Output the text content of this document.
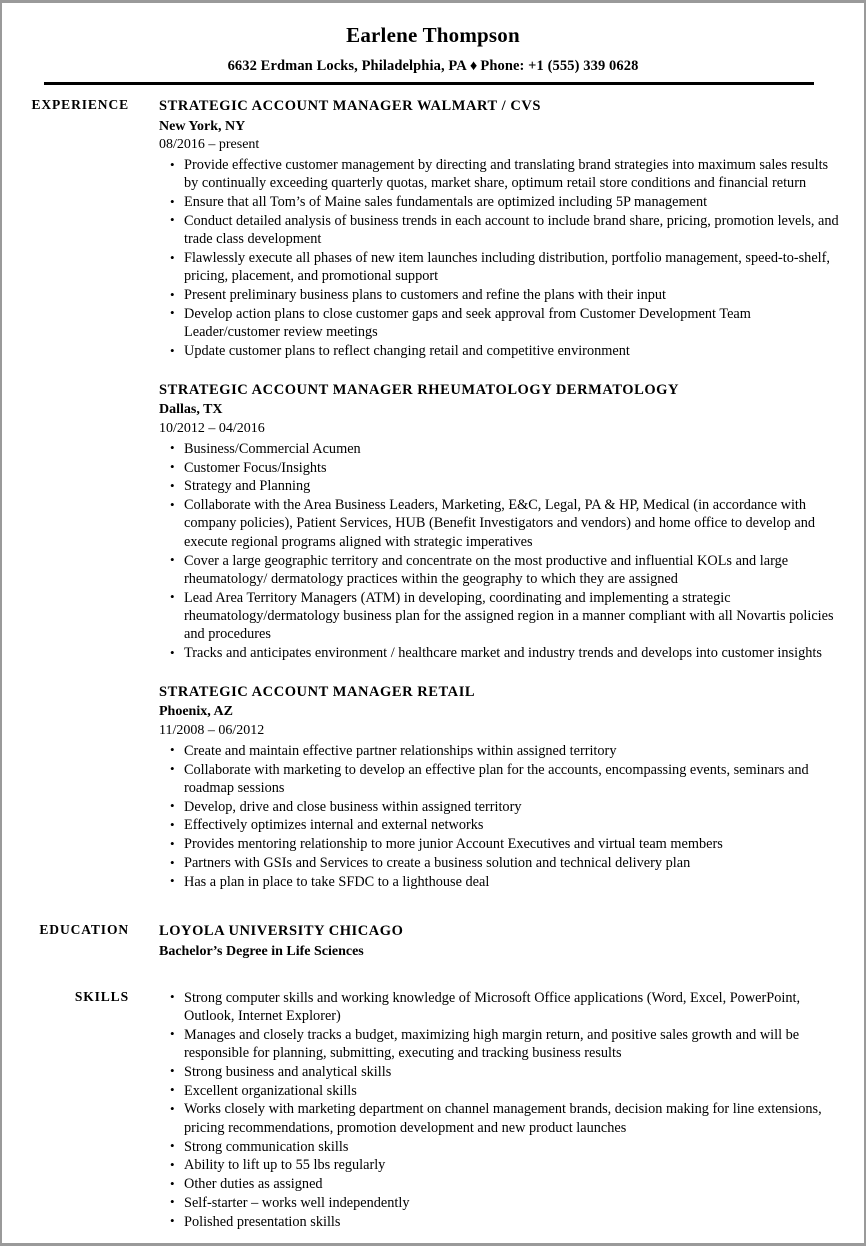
Earlene Thompson
6632 Erdman Locks, Philadelphia, PA ♦ Phone: +1 (555) 339 0628
EXPERIENCE STRATEGIC ACCOUNT MANAGER WALMART / CVS
New York, NY
08/2016 – present
• Provide effective customer management by directing and translating brand strategies into maximum sales results by continually exceeding quarterly quotas, market share, optimum retail store conditions and financial return
• Ensure that all Tom’s of Maine sales fundamentals are optimized including 5P management
• Conduct detailed analysis of business trends in each account to include brand share, pricing, promotion levels, and trade class development
• Flawlessly execute all phases of new item launches including distribution, portfolio management, speed-to-shelf, pricing, placement, and promotional support
• Present preliminary business plans to customers and refine the plans with their input
• Develop action plans to close customer gaps and seek approval from Customer Development Team Leader/customer review meetings
• Update customer plans to reflect changing retail and competitive environment
STRATEGIC ACCOUNT MANAGER RHEUMATOLOGY DERMATOLOGY
Dallas, TX
10/2012 – 04/2016
• Business/Commercial Acumen
• Customer Focus/Insights
• Strategy and Planning
• Collaborate with the Area Business Leaders, Marketing, E&C, Legal, PA & HP, Medical (in accordance with company policies), Patient Services, HUB (Benefit Investigators and vendors) and home office to develop and execute regional programs aligned with strategic imperatives
• Cover a large geographic territory and concentrate on the most productive and influential KOLs and large rheumatology/ dermatology practices within the geography to which they are assigned
• Lead Area Territory Managers (ATM) in developing, coordinating and implementing a strategic rheumatology/dermatology business plan for the assigned region in a manner compliant with all Novartis policies and procedures
• Tracks and anticipates environment / healthcare market and industry trends and develops into customer insights
STRATEGIC ACCOUNT MANAGER RETAIL
Phoenix, AZ
11/2008 – 06/2012
• Create and maintain effective partner relationships within assigned territory
• Collaborate with marketing to develop an effective plan for the accounts, encompassing events, seminars and roadmap sessions
• Develop, drive and close business within assigned territory
• Effectively optimizes internal and external networks
• Provides mentoring relationship to more junior Account Executives and virtual team members
• Partners with GSIs and Services to create a business solution and technical delivery plan
• Has a plan in place to take SFDC to a lighthouse deal
EDUCATION LOYOLA UNIVERSITY CHICAGO
Bachelor’s Degree in Life Sciences
SKILLS	• Strong computer skills and working knowledge of Microsoft Office applications (Word, Excel, PowerPoint, Outlook, Internet Explorer)
• Manages and closely tracks a budget, maximizing high margin return, and positive sales growth and will be responsible for planning, submitting, executing and tracking business results
• Strong business and analytical skills
• Excellent organizational skills
• Works closely with marketing department on channel management brands, decision making for line extensions, pricing recommendations, promotion development and new product launches
• Strong communication skills
• Ability to lift up to 55 lbs regularly
• Other duties as assigned
• Self-starter – works well independently
• Polished presentation skills
